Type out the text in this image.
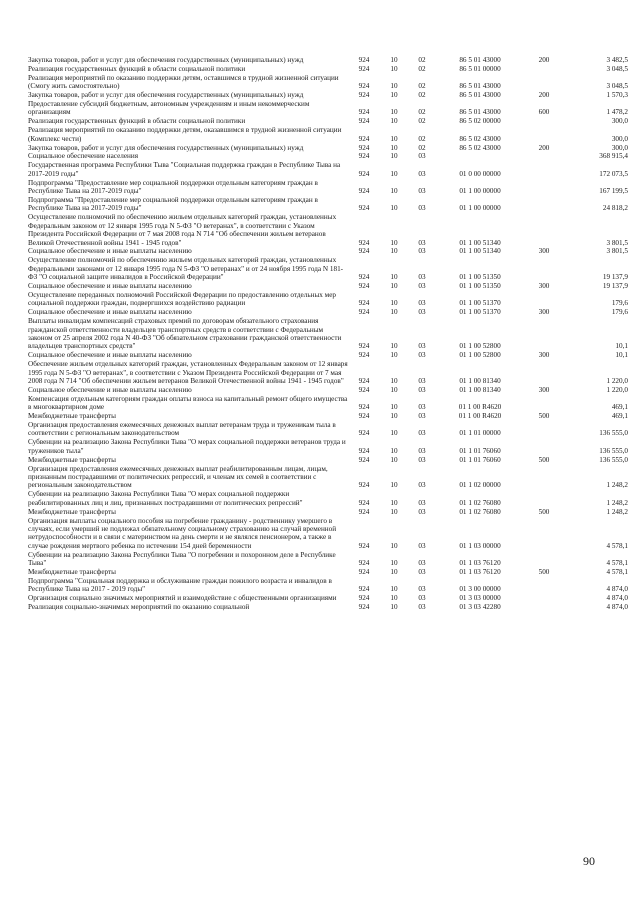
Закупка товаров, работ и услуг для обеспечения государственных (муниципальных) нужд	924	10	02	86 5 01 43000	200	3 482,5
Реализация государственных функций в области социальной политики	924	10	02	86 5 01 00000		3 048,5
Реализация мероприятий по оказанию поддержки детям, оставшимся в трудной жизненной ситуации (Смогу жить самостоятельно)	924	10	02	86 5 01 43000		3 048,5
Закупка товаров, работ и услуг для обеспечения государственных (муниципальных) нужд	924	10	02	86 5 01 43000	200	1 570,3
Предоставление субсидий бюджетным, автономным учреждениям и иным некоммерческим организациям	924	10	02	86 5 01 43000	600	1 478,2
Реализация государственных функций в области социальной политики	924	10	02	86 5 02 00000		300,0
Реализация мероприятий по оказанию поддержки детям, оказавшимся в трудной жизненной ситуации (Комплекс чести)	924	10	02	86 5 02 43000		300,0
Закупка товаров, работ и услуг для обеспечения государственных (муниципальных) нужд	924	10	02	86 5 02 43000	200	300,0
Социальное обеспечение населения	924	10	03			368 915,4
Государственная программа Республики Тыва "Социальная поддержка граждан в Республике Тыва на 2017-2019 годы"	924	10	03	01 0 00 00000		172 073,5
Подпрограмма "Предоставление мер социальной поддержки отдельным категориям граждан в Республике Тыва на 2017-2019 годы"	924	10	03	01 1 00 00000		167 199,5
Подпрограмма "Предоставление мер социальной поддержки отдельным категориям граждан в Республике Тыва на 2017-2019 годы"	924	10	03	01 1 00 00000		24 818,2
Осуществление полномочий по обеспечению жильем отдельных категорий граждан, установленных Федеральным законом от 12 января 1995 года N 5-ФЗ "О ветеранах", в соответствии с Указом Президента Российской Федерации от 7 мая 2008 года N 714 "Об обеспечении жильем ветеранов Великой Отечественной войны 1941 - 1945 годов"	924	10	03	01 1 00 51340		3 801,5
Социальное обеспечение и иные выплаты населению	924	10	03	01 1 00 51340	300	3 801,5
Осуществление полномочий по обеспечению жильем отдельных категорий граждан, установленных Федеральными законами от 12 января 1995 года N 5-ФЗ "О ветеранах" и от 24 ноября 1995 года N 181-ФЗ "О социальной защите инвалидов в Российской Федерации"	924	10	03	01 1 00 51350		19 137,9
Социальное обеспечение и иные выплаты населению	924	10	03	01 1 00 51350	300	19 137,9
Осуществление переданных полномочий Российской Федерации по предоставлению отдельных мер социальной поддержки граждан, подвергшихся воздействию радиации	924	10	03	01 1 00 51370		179,6
Социальное обеспечение и иные выплаты населению	924	10	03	01 1 00 51370	300	179,6
Выплаты инвалидам компенсаций страховых премий по договорам обязательного страхования гражданской ответственности владельцев транспортных средств в соответствии с Федеральным законом от 25 апреля 2002 года N 40-ФЗ "Об обязательном страховании гражданской ответственности владельцев транспортных средств"	924	10	03	01 1 00 52800		10,1
Социальное обеспечение и иные выплаты населению	924	10	03	01 1 00 52800	300	10,1
Обеспечение жильем отдельных категорий граждан, установленных Федеральным законом от 12 января 1995 года N 5-ФЗ "О ветеранах", в соответствии с Указом Президента Российской Федерации от 7 мая 2008 года N 714 "Об обеспечении жильем ветеранов Великой Отечественной войны 1941 - 1945 годов"	924	10	03	01 1 00 81340		1 220,0
Социальное обеспечение и иные выплаты населению	924	10	03	01 1 00 81340	300	1 220,0
Компенсация отдельным категориям граждан оплаты взноса на капитальный ремонт общего имущества в многоквартирном доме	924	10	03	01 1 00 R4620		469,1
Межбюджетные трансферты	924	10	03	01 1 00 R4620	500	469,1
Организация предоставления ежемесячных денежных выплат ветеранам труда и труженикам тыла в соответствии с региональным законодательством	924	10	03	01 1 01 00000		136 555,0
Субвенции на реализацию Закона Республики Тыва "О мерах социальной поддержки ветеранов труда и тружеников тыла"	924	10	03	01 1 01 76060		136 555,0
Межбюджетные трансферты	924	10	03	01 1 01 76060	500	136 555,0
Организация предоставления ежемесячных денежных выплат реабилитированным лицам, лицам, признанным пострадавшими от политических репрессий, и членам их семей в соответствии с региональным законодательством	924	10	03	01 1 02 00000		1 248,2
Субвенции на реализацию Закона Республики Тыва "О мерах социальной поддержки реабилитированных лиц и лиц, признанных пострадавшими от политических репрессий"	924	10	03	01 1 02 76080		1 248,2
Межбюджетные трансферты	924	10	03	01 1 02 76080	500	1 248,2
Организация выплаты социального пособия на погребение гражданину - родственнику умершего в случаях, если умерший не подлежал обязательному социальному страхованию на случай временной нетрудоспособности и в связи с материнством на день смерти и не являлся пенсионером, а также в случае рождения мертвого ребенка по истечении 154 дней беременности	924	10	03	01 1 03 00000		4 578,1
Субвенции на реализацию Закона Республики Тыва "О погребении и похоронном деле в Республике Тыва"	924	10	03	01 1 03 76120		4 578,1
Межбюджетные трансферты	924	10	03	01 1 03 76120	500	4 578,1
Подпрограмма "Социальная поддержка и обслуживание граждан пожилого возраста и инвалидов в Республике Тыва на 2017 - 2019 годы"	924	10	03	01 3 00 00000		4 874,0
Организация социально значимых мероприятий и взаимодействие с общественными организациями	924	10	03	01 3 03 00000		4 874,0
Реализация социально-значимых мероприятий по оказанию социальной	924	10	03	01 3 03 42280		4 874,0
90
